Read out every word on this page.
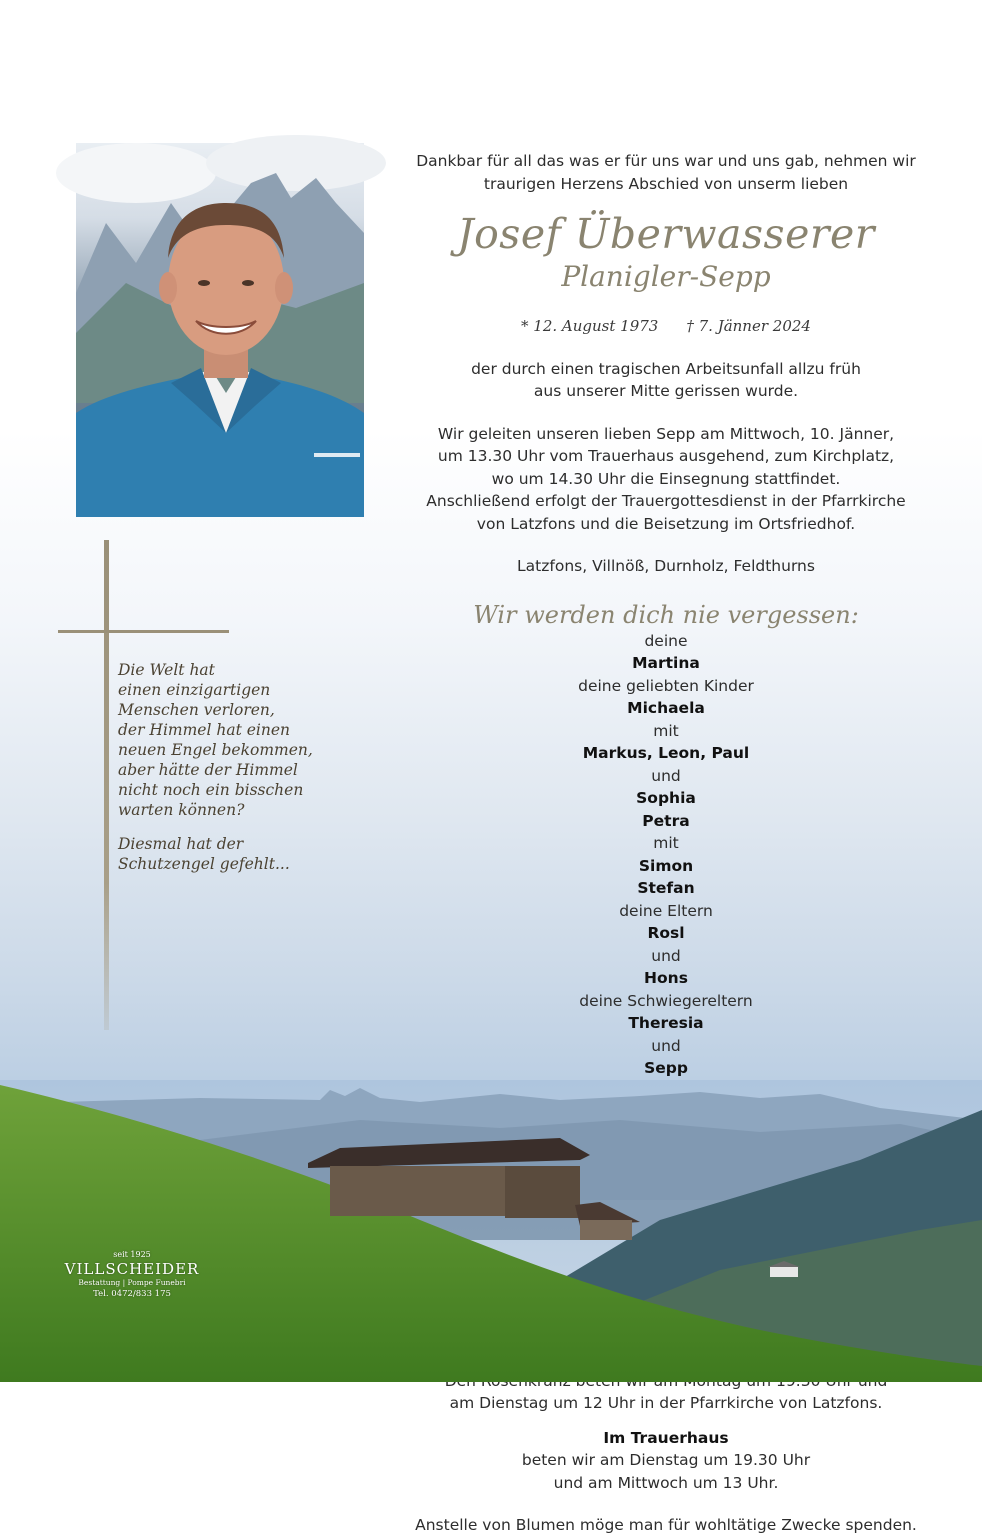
Die Welt hat
einen einzigartigen
Menschen verloren,
der Himmel hat einen
neuen Engel bekommen,
aber hätte der Himmel
nicht noch ein bisschen
warten können?

Diesmal hat der
Schutzengel gefehlt...

Dankbar für all das was er für uns war und uns gab, nehmen wir
traurigen Herzens Abschied von unserm lieben

Josef Überwasserer

Planigler-Sepp

* 12. August 1973 † 7. Jänner 2024

der durch einen tragischen Arbeitsunfall allzu früh
aus unserer Mitte gerissen wurde.

Wir geleiten unseren lieben Sepp am Mittwoch, 10. Jänner,
um 13.30 Uhr vom Trauerhaus ausgehend, zum Kirchplatz,
wo um 14.30 Uhr die Einsegnung stattfindet.
Anschließend erfolgt der Trauergottesdienst in der Pfarrkirche
von Latzfons und die Beisetzung im Ortsfriedhof.

Latzfons, Villnöß, Durnholz, Feldthurns

Wir werden dich nie vergessen:

deine
Martina
deine geliebten Kinder
Michaela
mit
Markus, Leon, Paul
und
Sophia
Petra
mit
Simon
Stefan
deine Eltern
Rosl
und
Hons
deine Schwiegereltern
Theresia
und
Sepp

am Dienstag um 12 Uhr in der Pfarrkirche von Latzfons.

Im Trauerhaus
beten wir am Dienstag um 19.30 Uhr
und am Mittwoch um 13 Uhr.

Anstelle von Blumen möge man für wohltätige Zwecke spenden.

seit 1925
VILLSCHEIDER
Bestattung | Pompe Funebri
Tel. 0472/833 175
